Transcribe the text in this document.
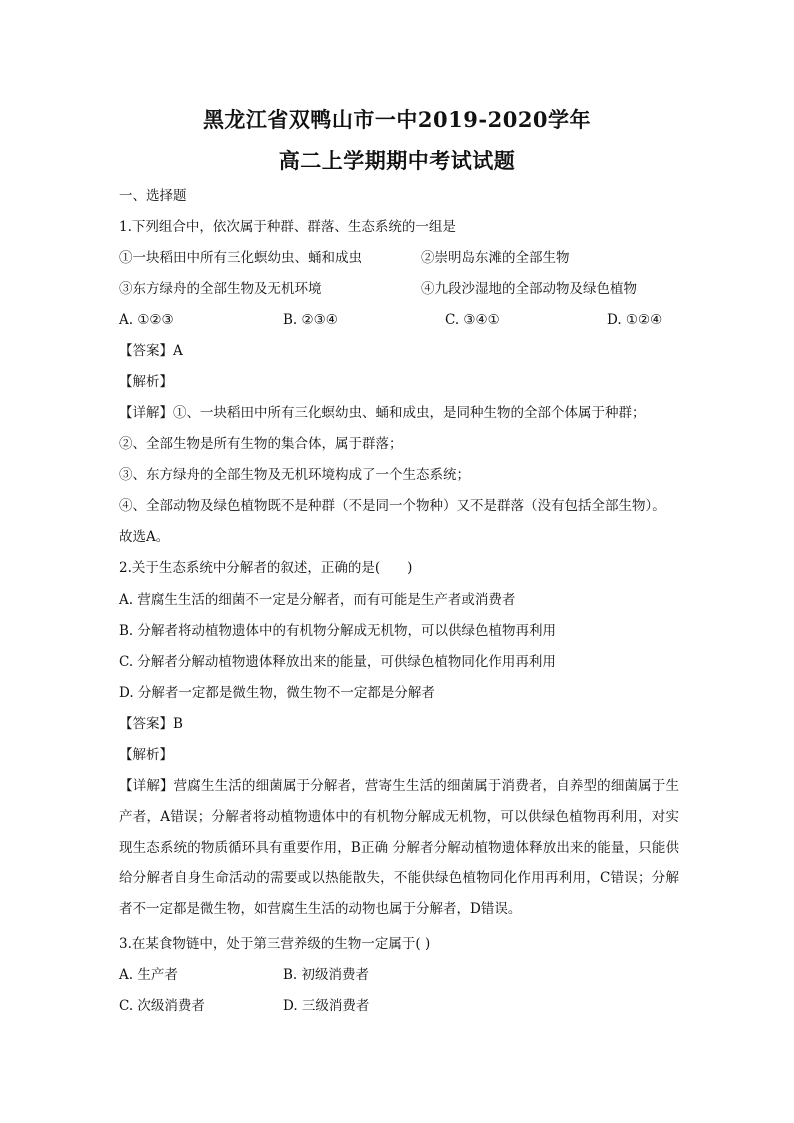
黑龙江省双鸭山市一中2019-2020学年
高二上学期期中考试试题
一、选择题
1.下列组合中，依次属于种群、群落、生态系统的一组是
①一块稻田中所有三化螟幼虫、蛹和成虫	②崇明岛东滩的全部生物
③东方绿舟的全部生物及无机环境	④九段沙湿地的全部动物及绿色植物
A. ①②③	B. ②③④	C. ③④①	D. ①②④
【答案】A
【解析】
【详解】①、一块稻田中所有三化螟幼虫、蛹和成虫，是同种生物的全部个体属于种群；
②、全部生物是所有生物的集合体，属于群落；
③、东方绿舟的全部生物及无机环境构成了一个生态系统；
④、全部动物及绿色植物既不是种群（不是同一个物种）又不是群落（没有包括全部生物）。
故选A。
2.关于生态系统中分解者的叙述，正确的是(　　)
A. 营腐生生活的细菌不一定是分解者，而有可能是生产者或消费者
B. 分解者将动植物遗体中的有机物分解成无机物，可以供绿色植物再利用
C. 分解者分解动植物遗体释放出来的能量，可供绿色植物同化作用再利用
D. 分解者一定都是微生物，微生物不一定都是分解者
【答案】B
【解析】
【详解】营腐生生活的细菌属于分解者，营寄生生活的细菌属于消费者，自养型的细菌属于生产者，A错误；分解者将动植物遗体中的有机物分解成无机物，可以供绿色植物再利用，对实现生态系统的物质循环具有重要作用，B正确 分解者分解动植物遗体释放出来的能量，只能供给分解者自身生命活动的需要或以热能散失，不能供绿色植物同化作用再利用，C错误；分解者不一定都是微生物，如营腐生生活的动物也属于分解者，D错误。
3.在某食物链中，处于第三营养级的生物一定属于( )
A. 生产者	B. 初级消费者
C. 次级消费者	D. 三级消费者
